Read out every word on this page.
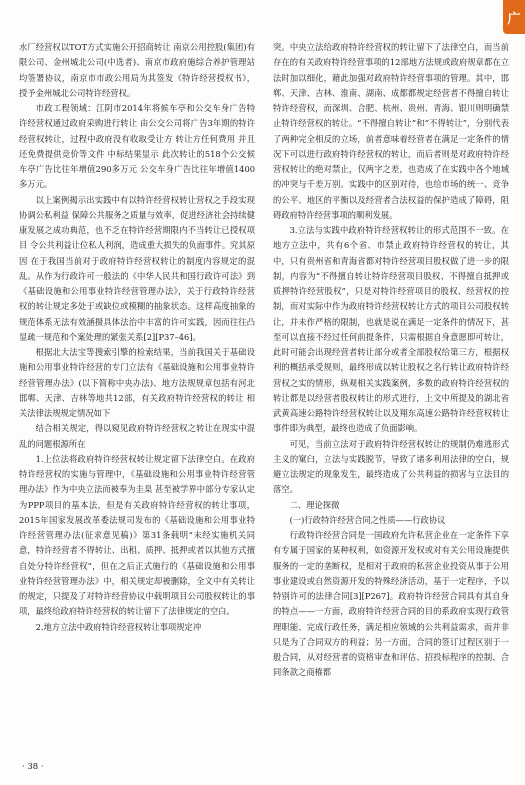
广

水厂经营权以TOT方式实施公开招商转让 南京公用控股(集团)有限公司、金州城北公司(中选者)、南京市政府施综合养护管理站均签署协议，南京市市政公用局为其签发《特许经营授权书》，授予金州城北公司特许经营权。

市政工程领域：江阴市2014年将候车亭和公交车身广告特许经营权通过政府采购进行转让 由公交公司将广告3年期的特许经营权转让，过程中政府没有收取受让方 转让方任何费用 并且还免费提供竞价等文件 中标结果显示 此次转让的518个公交候车亭广告比往年增值290多万元 公交车身广告比往年增值1400多万元。

以上案例揭示出实践中有以特许经营权转让营权之手段实现协调公私利益 保障公共服务之质量与效率，促进经济社会持续健康发展之成功典范，也不乏在特许经营期限内不当转让已授权项目 令公共利益让位私人利润，造成重大损失的负面事件。究其原因 在于我国当前对于政府特许经营权转让的制度内容规定的混乱。从作为行政许可一般法的《中华人民共和国行政许可法》到《基础设施和公用事业特许经营管理办法》，关于行政特许经营权的转让规定多处于或缺位或模糊的抽象状态。这样高度抽象的规范体系无法有效涵摄具体法治中丰富的许可实践，因而往往凸显疏一规范和个案处理的紧张关系[2][P37–46]。

根据北大法宝等搜索引擎的检索结果，当前我国关于基础设施和公用事业特许经营的专门立法有《基础设施和公用事业特许经营管理办法》(以下简称中央办法)、地方法规规章包括有河北邯郸、天津、吉林等地共12部，有关政府特许经营权的转让 相关法律法规规定情况如下

结合相关规定，得以窥见政府特许经营权之转让在现实中混乱的问题根源所在

1.上位法将政府特许经营权转让规定留下法律空白。在政府特许经营权的实施与管理中，《基础设施和公用事业特许经营管理办法》作为中央立法而被奉为圭臬 甚至被学界中部分专家认定为PPP项目的基本法，但是有关政府特许经营权的转让事项，2015年国家发展改革委法规司发布的《基础设施和公用事业特许经营管理办法(征求意见稿)》第31条载明“未经实施机关同意，特许经营者不得转让、出租、质押、抵押或者以其他方式擅自处分特许经营权”，但在之后正式施行的《基础设施和公用事业特许经营管理办法》中，相关规定却被删除，全文中有关转让的规定，只提及了对特许经营协议中载明项目公司股权转让的事项，最终给政府特许经营权的转让留下了法律规定的空白。

2.地方立法中政府特许经营权转让事项规定冲

突。中央立法给政府特许经营权的转让留下了法律空白，而当前存在的有关政府特许经营事项的12部地方法规或政府规章都在立法时加以细化，藉此加强对政府特许经营事项的管理。其中，邯郸、天津、吉林、淮南、湖南、成都都规定经营者不得擅自转让特许经营权，而深圳、合肥、杭州、贵州、青海、银川则明确禁止特许经营权的转让。“不得擅自转让”和“不得转让”，分别代表了两种完全相反的立场，前者意味着经营者在满足一定条件的情况下可以进行政府特许经营权的转让，而后者则是对政府特许经营权转让的绝对禁止，仅两字之差，也造成了在实践中各个地域的冲突与千差万别。实践中的区别对待，也给市场的统一、竞争的公平、地区的平衡以及经营者合法权益的保护造成了障碍，阻碍政府特许经营事项的顺利发展。

3.立法与实践中政府特许经营权转让的形式范围不一致。在地方立法中，共有6个省、市禁止政府特许经营权的转让，其中，只有贵州省和青海省都对特许经营项目股权做了进一步的限制，内容为“不得擅自转让特许经营项目股权、不得擅自抵押或质押特许经营股权”，只是对特许经营项目的股权、经营权的控制，而对实际中作为政府特许经营权转让方式的项目公司股权转让，并未作严格的限制，也就是说在满足一定条件的情况下，甚至可以直接不经过任何前提条件，只需根据自身意愿即可转让，此时可能会出现经营者转让部分或者全部股权给第三方，根据权利的概括承受规则，最终形成以转让股权之名行转让政府特许经营权之实的情形，纵观相关实践案例，多数的政府特许经营权的转让都是以经营者股权转让的形式进行，上文中所提及的湖北省武黄高速公路特许经营权转让以及翔东高速公路特许经营权转让事件即为典型，最终也造成了负面影响。

可见，当前立法对于政府特许经营权转让的规制仍难逃形式主义的窠臼，立法与实践脱节，导致了诸多利用法律的空白，规避立法规定的现象发生，最终造成了公共利益的损害与立法目的落空。

二、理论探微

(一)行政特许经营合同之性质——行政协议

行政特许经营合同是一国政府允许私营企业在一定条件下享有专属于国家的某种权利，如资源开发权或对有关公用设施提供服务的一定的垄断权，是相对于政府的私营企业投资从事于公用事业建设或自然资源开发的特殊经济活动，基于一定程序，予以特别许可的法律合同[3][P267]。政府特许经营合同具有其自身的特点——一方面，政府特许经营合同的目的系政府实现行政管理职能、完成行政任务，满足相应领域的公共利益需求，而并非只是为了合同双方的利益；另一方面，合同的签订过程区别于一般合同，从对经营者的资格审查和评估、招投标程序的控制、合同条款之商榷都

· 38 ·
